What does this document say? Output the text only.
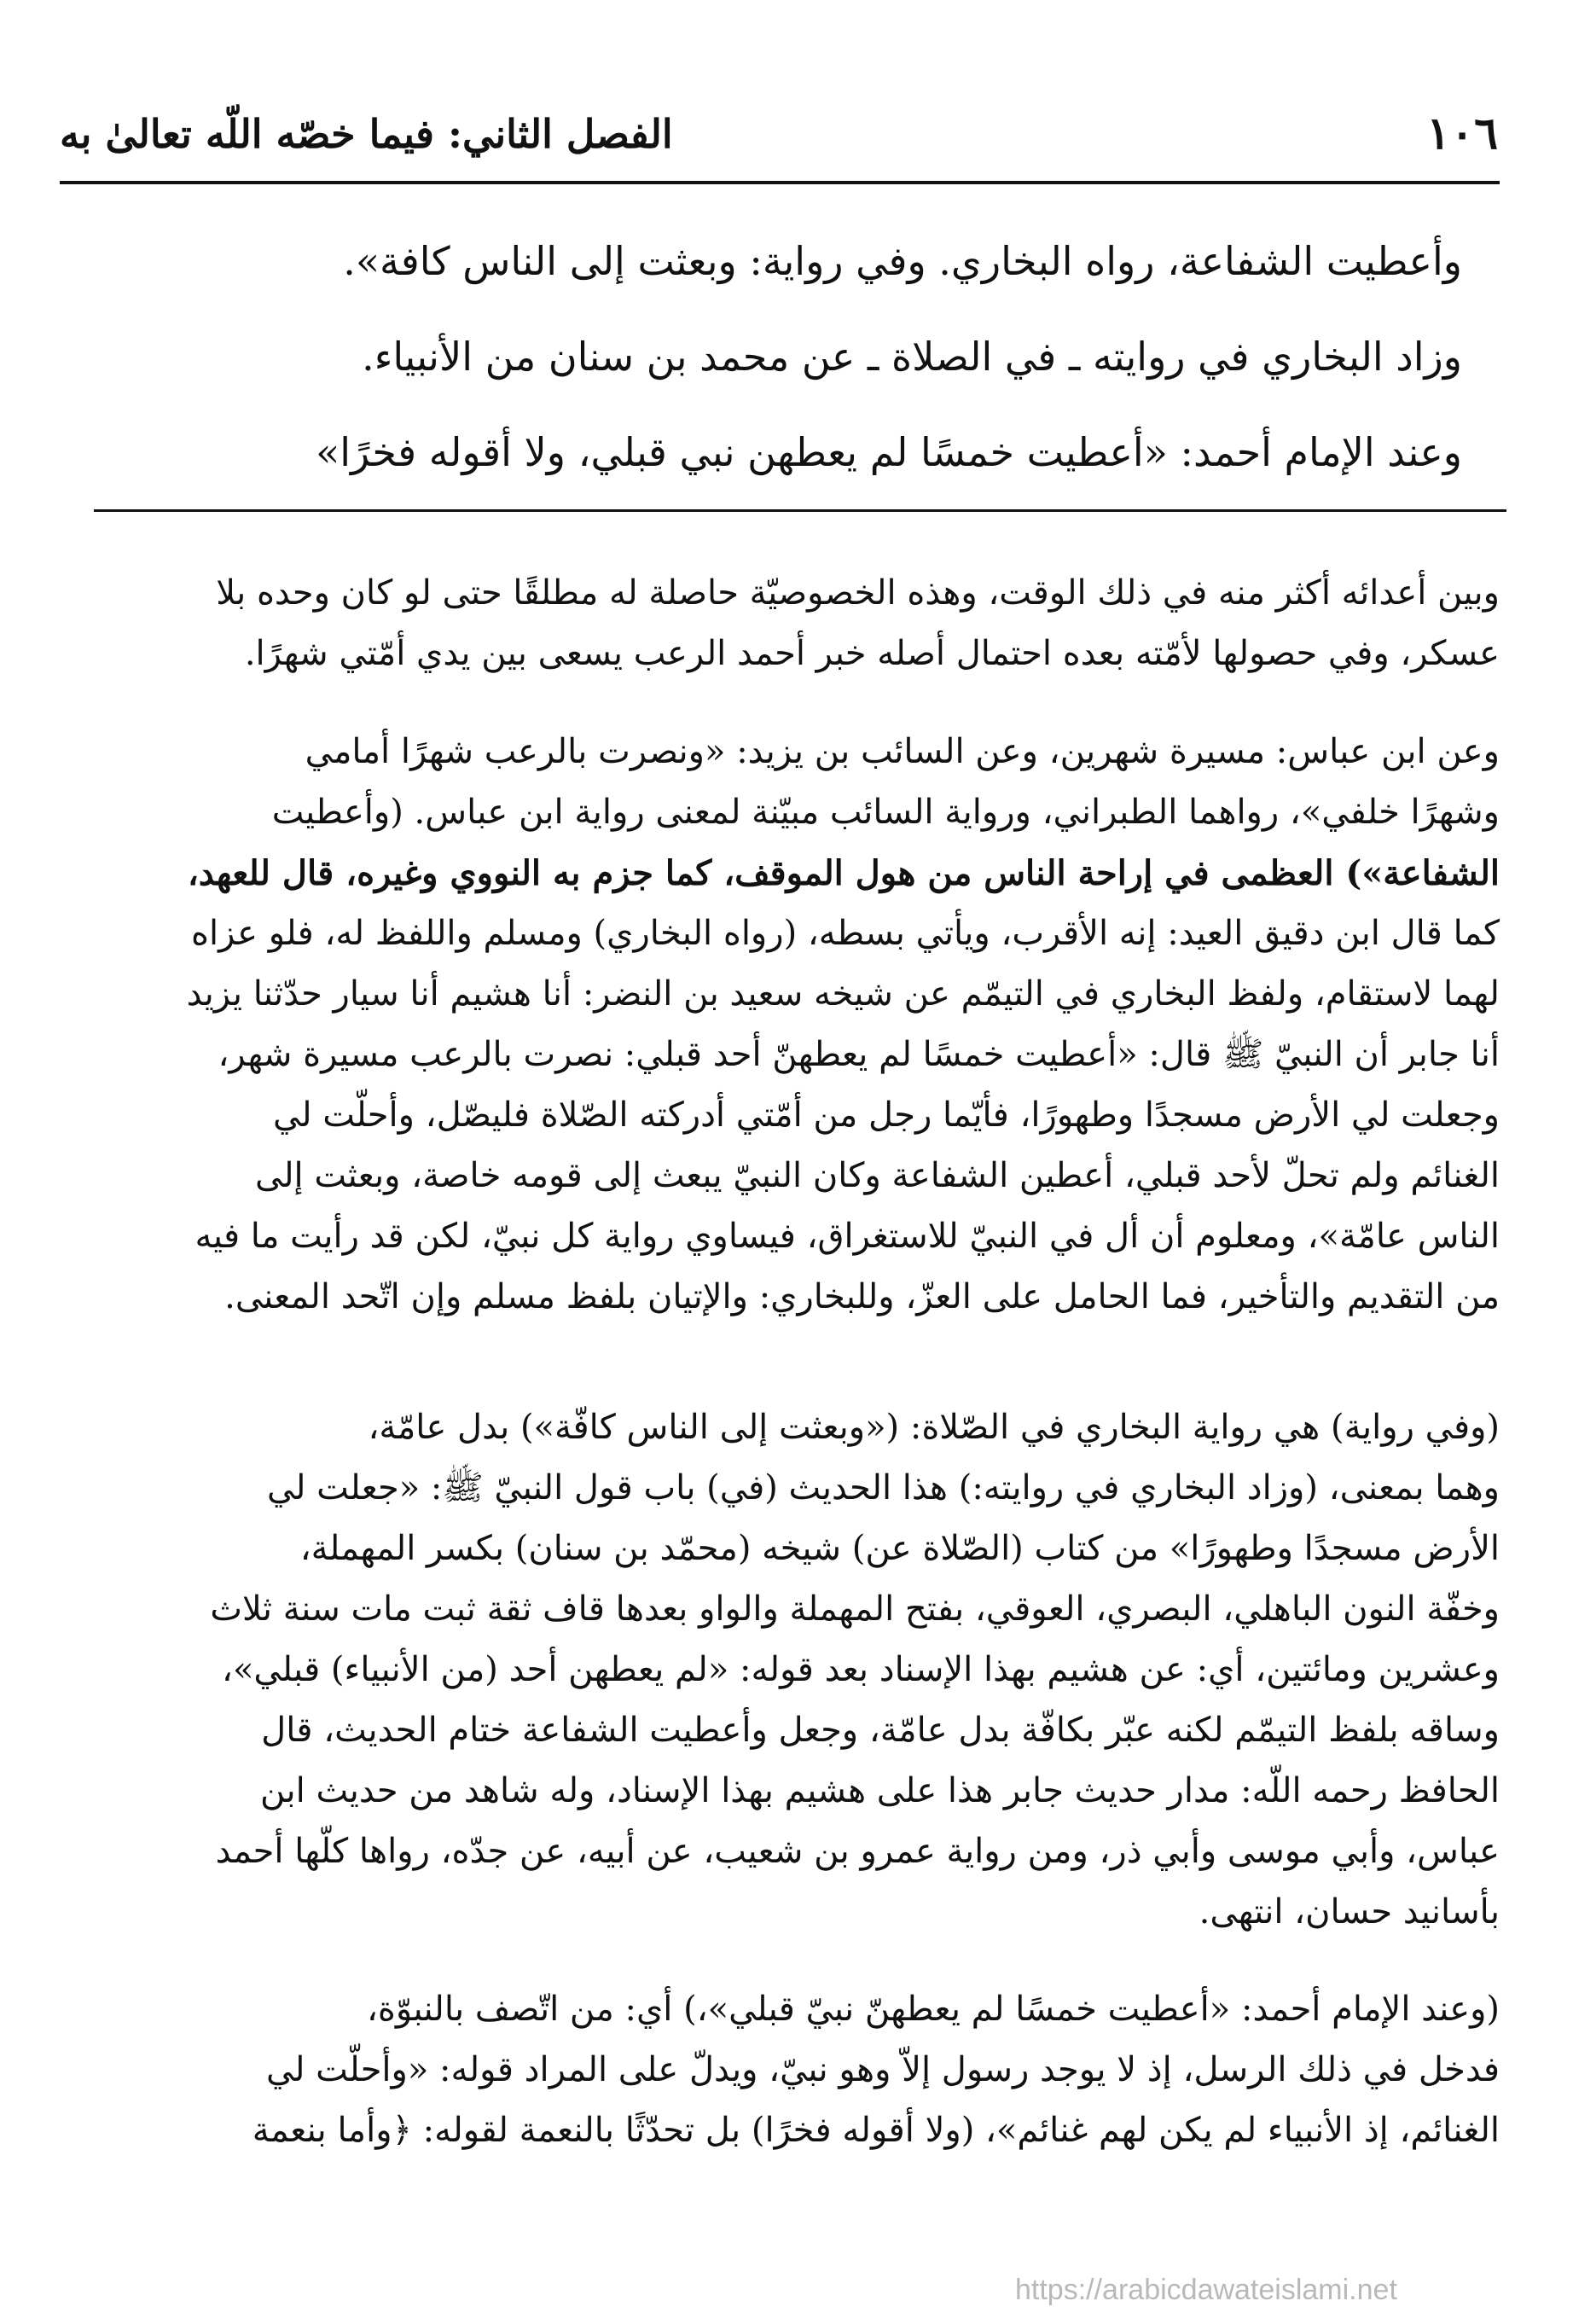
١٠٦
الفصل الثاني: فيما خصّه اللّه تعالىٰ به
وأعطيت الشفاعة، رواه البخاري. وفي رواية: وبعثت إلى الناس كافة».
وزاد البخاري في روايته ـ في الصلاة ـ عن محمد بن سنان من الأنبياء.
وعند الإمام أحمد: «أعطيت خمسًا لم يعطهن نبي قبلي، ولا أقوله فخرًا»
وبين أعدائه أكثر منه في ذلك الوقت، وهذه الخصوصيّة حاصلة له مطلقًا حتى لو كان وحده بلا
عسكر، وفي حصولها لأمّته بعده احتمال أصله خبر أحمد الرعب يسعى بين يدي أمّتي شهرًا.
وعن ابن عباس: مسيرة شهرين، وعن السائب بن يزيد: «ونصرت بالرعب شهرًا أمامي
وشهرًا خلفي»، رواهما الطبراني، ورواية السائب مبيّنة لمعنى رواية ابن عباس. (وأعطيت
الشفاعة») العظمى في إراحة الناس من هول الموقف، كما جزم به النووي وغيره، قال للعهد،
كما قال ابن دقيق العيد: إنه الأقرب، ويأتي بسطه، (رواه البخاري) ومسلم واللفظ له، فلو عزاه
لهما لاستقام، ولفظ البخاري في التيمّم عن شيخه سعيد بن النضر: أنا هشيم أنا سيار حدّثنا يزيد
أنا جابر أن النبيّ ﷺ قال: «أعطيت خمسًا لم يعطهنّ أحد قبلي: نصرت بالرعب مسيرة شهر،
وجعلت لي الأرض مسجدًا وطهورًا، فأيّما رجل من أمّتي أدركته الصّلاة فليصّل، وأحلّت لي
الغنائم ولم تحلّ لأحد قبلي، أعطين الشفاعة وكان النبيّ يبعث إلى قومه خاصة، وبعثت إلى
الناس عامّة»، ومعلوم أن أل في النبيّ للاستغراق، فيساوي رواية كل نبيّ، لكن قد رأيت ما فيه
من التقديم والتأخير، فما الحامل على العزّ، وللبخاري: والإتيان بلفظ مسلم وإن اتّحد المعنى.
(وفي رواية) هي رواية البخاري في الصّلاة: («وبعثت إلى الناس كافّة») بدل عامّة،
وهما بمعنى، (وزاد البخاري في روايته:) هذا الحديث (في) باب قول النبيّ ﷺ: «جعلت لي
الأرض مسجدًا وطهورًا» من كتاب (الصّلاة عن) شيخه (محمّد بن سنان) بكسر المهملة،
وخفّة النون الباهلي، البصري، العوقي، بفتح المهملة والواو بعدها قاف ثقة ثبت مات سنة ثلاث
وعشرين ومائتين، أي: عن هشيم بهذا الإسناد بعد قوله: «لم يعطهن أحد (من الأنبياء) قبلي»،
وساقه بلفظ التيمّم لكنه عبّر بكافّة بدل عامّة، وجعل وأعطيت الشفاعة ختام الحديث، قال
الحافظ رحمه اللّه: مدار حديث جابر هذا على هشيم بهذا الإسناد، وله شاهد من حديث ابن
عباس، وأبي موسى وأبي ذر، ومن رواية عمرو بن شعيب، عن أبيه، عن جدّه، رواها كلّها أحمد
بأسانيد حسان، انتهى.
(وعند الإمام أحمد: «أعطيت خمسًا لم يعطهنّ نبيّ قبلي»،) أي: من اتّصف بالنبوّة،
فدخل في ذلك الرسل، إذ لا يوجد رسول إلاّ وهو نبيّ، ويدلّ على المراد قوله: «وأحلّت لي
الغنائم، إذ الأنبياء لم يكن لهم غنائم»، (ولا أقوله فخرًا) بل تحدّثًا بالنعمة لقوله: ﴿وأما بنعمة
https://arabicdawateislami.net
